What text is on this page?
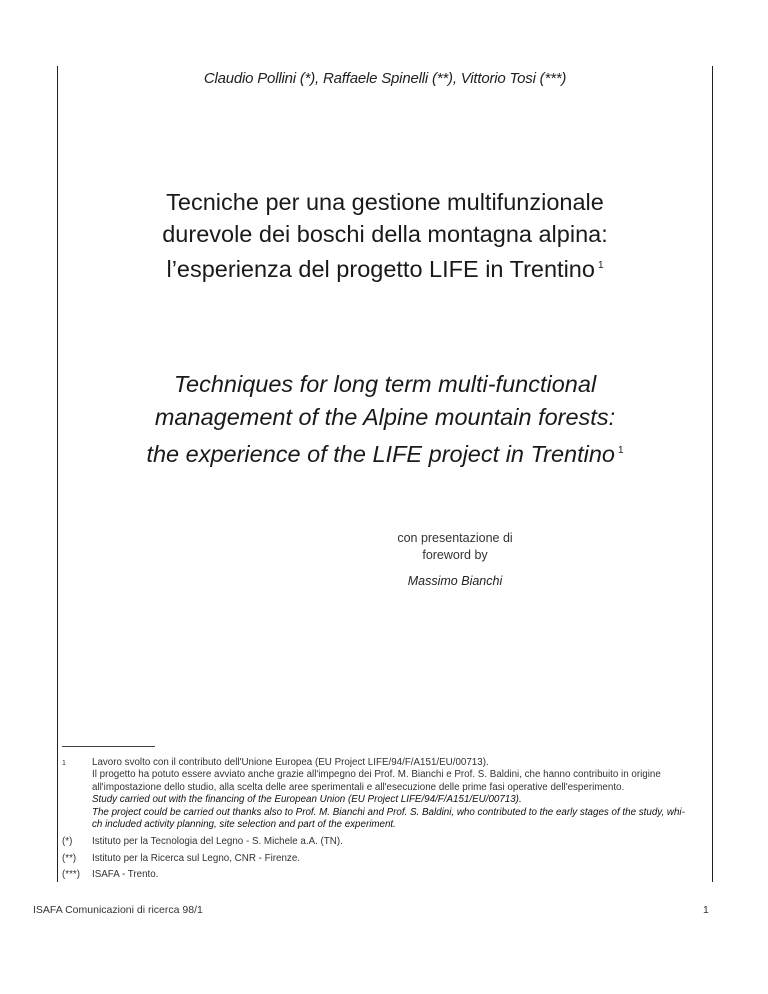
Claudio Pollini (*), Raffaele Spinelli (**), Vittorio Tosi (***)
Tecniche per una gestione multifunzionale
durevole dei boschi della montagna alpina:
l’esperienza del progetto LIFE in Trentino $^1$
Techniques for long term multi-functional
management of the Alpine mountain forests:
the experience of the LIFE project in Trentino $^1$
con presentazione di
foreword by
Massimo Bianchi
1	Lavoro svolto con il contributo dell'Unione Europea (EU Project LIFE/94/F/A151/EU/00713).
Il progetto ha potuto essere avviato anche grazie all'impegno dei Prof. M. Bianchi e Prof. S. Baldini, che hanno contribuito in origine
all'impostazione dello studio, alla scelta delle aree sperimentali e all'esecuzione delle prime fasi operative dell'esperimento.
Study carried out with the financing of the European Union (EU Project LIFE/94/F/A151/EU/00713).
The project could be carried out thanks also to Prof. M. Bianchi and Prof. S. Baldini, who contributed to the early stages of the study, whi-
ch included activity planning, site selection and part of the experiment.
(*) Istituto per la Tecnologia del Legno - S. Michele a.A. (TN).
(**) Istituto per la Ricerca sul Legno, CNR - Firenze.
(***) ISAFA - Trento.
ISAFA Comunicazioni di ricerca 98/1	1
